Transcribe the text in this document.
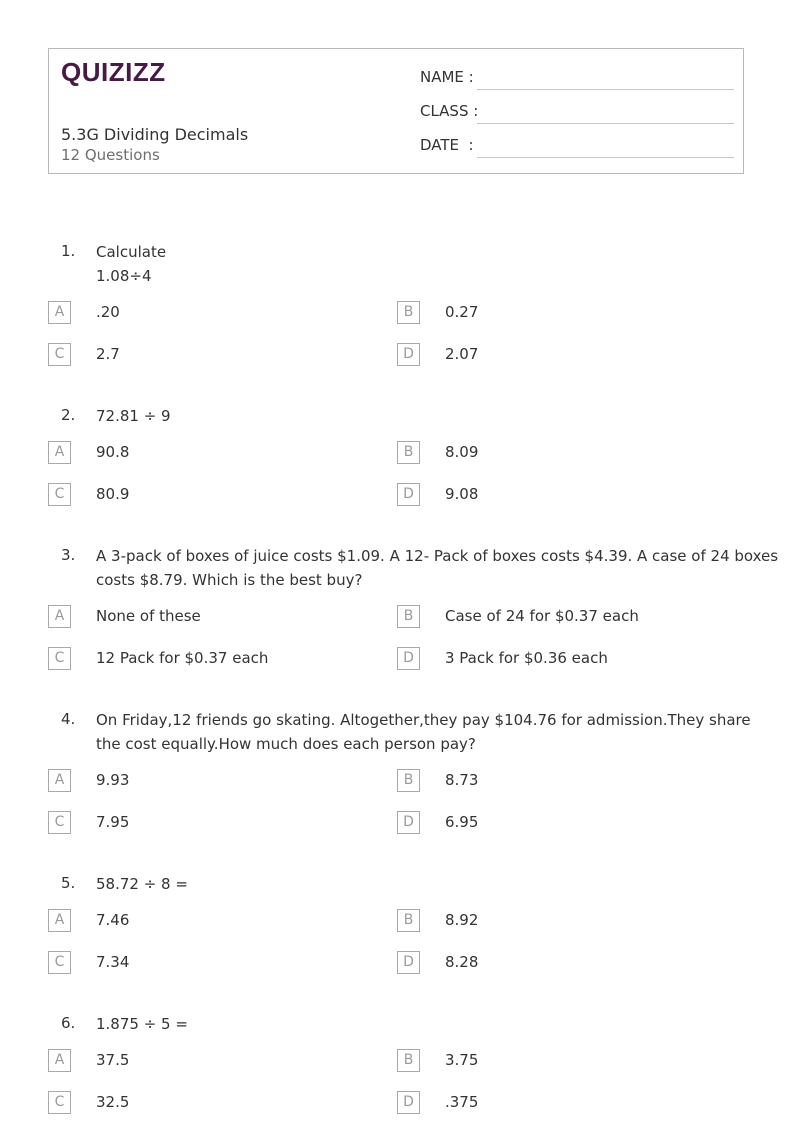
QUIZIZZ
5.3G Dividing Decimals
12 Questions
NAME :
CLASS :
DATE  :
1. Calculate
1.08÷4
A	.20	B	0.27
C	2.7	D	2.07
2. 72.81 ÷ 9
A	90.8	B	8.09
C	80.9	D	9.08
3. A 3-pack of boxes of juice costs $1.09. A 12- Pack of boxes costs $4.39. A case of 24 boxes
costs $8.79. Which is the best buy?
A	None of these	B	Case of 24 for $0.37 each
C	12 Pack for $0.37 each	D	3 Pack for $0.36 each
4. On Friday,12 friends go skating. Altogether,they pay $104.76 for admission.They share
the cost equally.How much does each person pay?
A	9.93	B	8.73
C	7.95	D	6.95
5. 58.72 ÷ 8 =
A	7.46	B	8.92
C	7.34	D	8.28
6. 1.875 ÷ 5 =
A	37.5	B	3.75
C	32.5	D	.375
